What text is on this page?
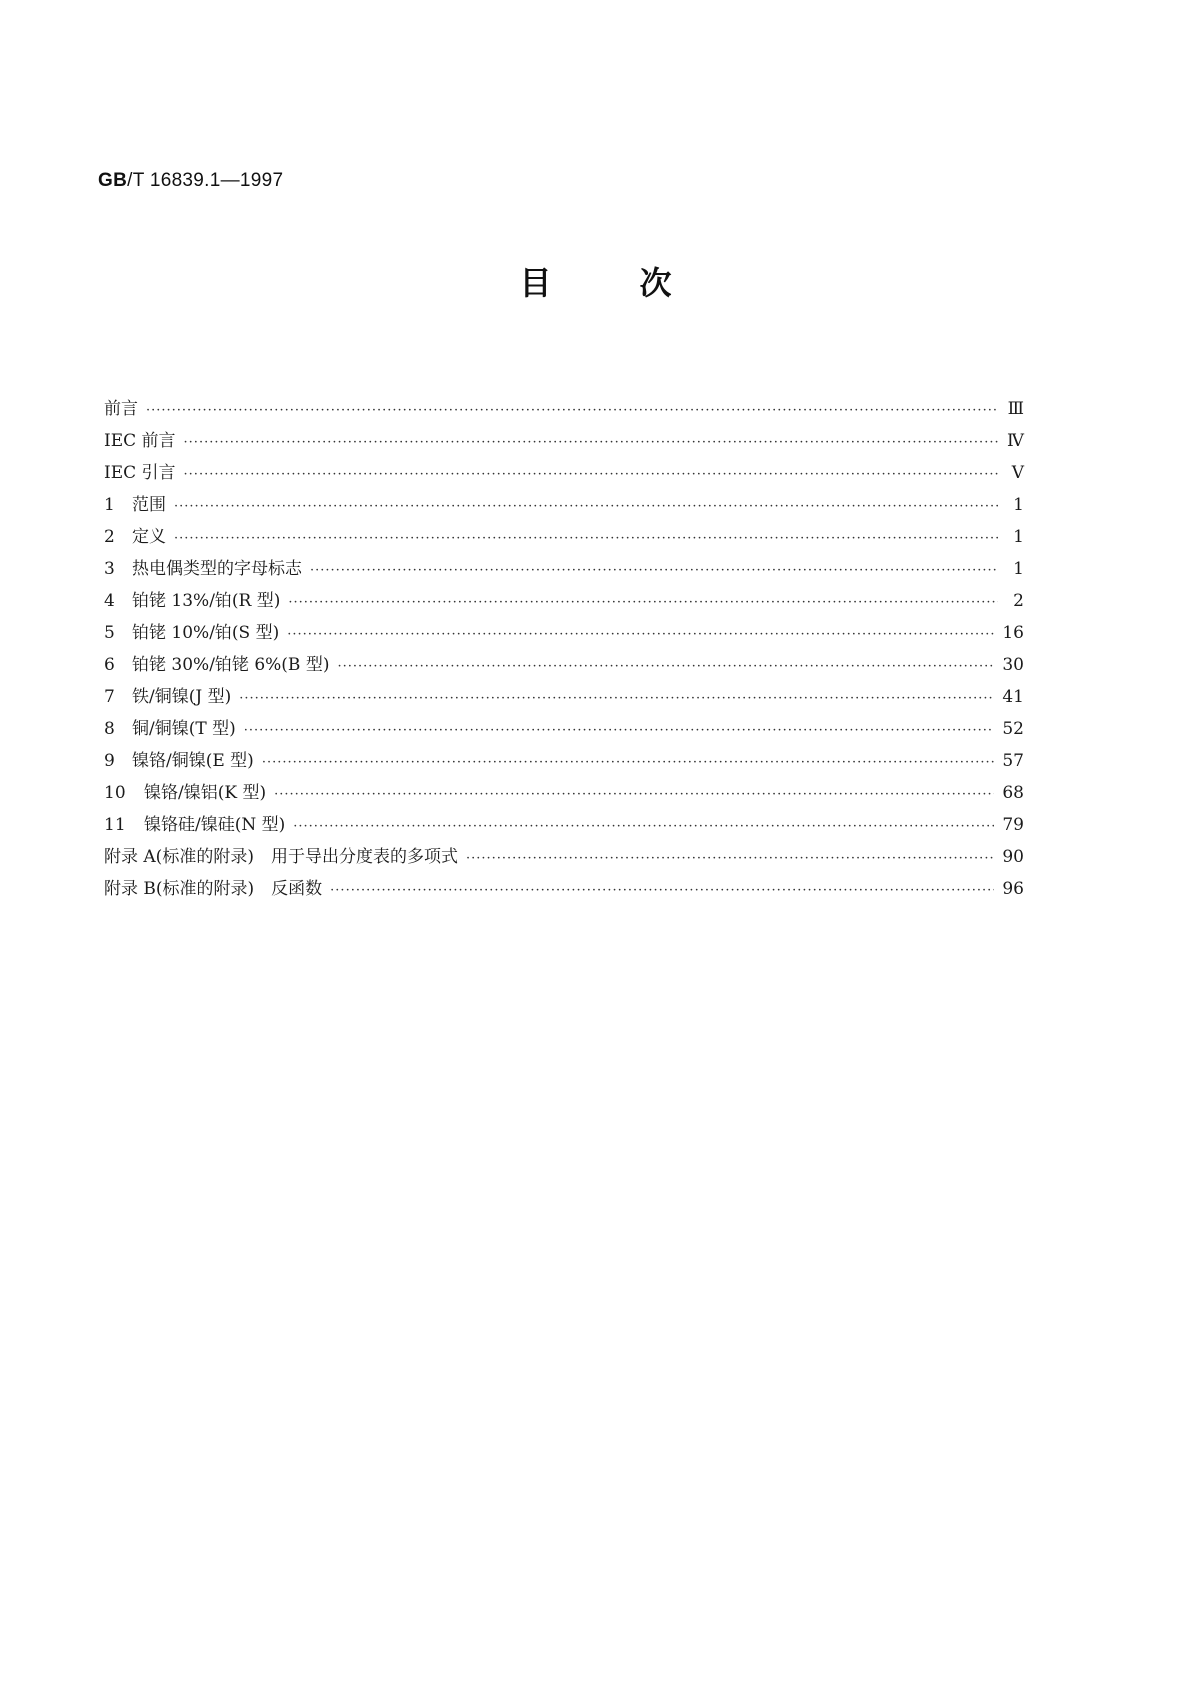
GB/T 16839.1—1997
目次
前言 ·····	Ⅲ
IEC 前言 ·····	Ⅳ
IEC 引言 ·····	Ⅴ
1	范围 ·····	1
2	定义 ·····	1
3	热电偶类型的字母标志 ·····	1
4	铂铑 13%/铂(R 型) ·····	2
5	铂铑 10%/铂(S 型) ·····	16
6	铂铑 30%/铂铑 6%(B 型) ·····	30
7	铁/铜镍(J 型) ·····	41
8	铜/铜镍(T 型) ·····	52
9	镍铬/铜镍(E 型) ·····	57
10	镍铬/镍铝(K 型) ·····	68
11	镍铬硅/镍硅(N 型) ·····	79
附录 A(标准的附录)　用于导出分度表的多项式 ·····	90
附录 B(标准的附录)　反函数 ·····	96
